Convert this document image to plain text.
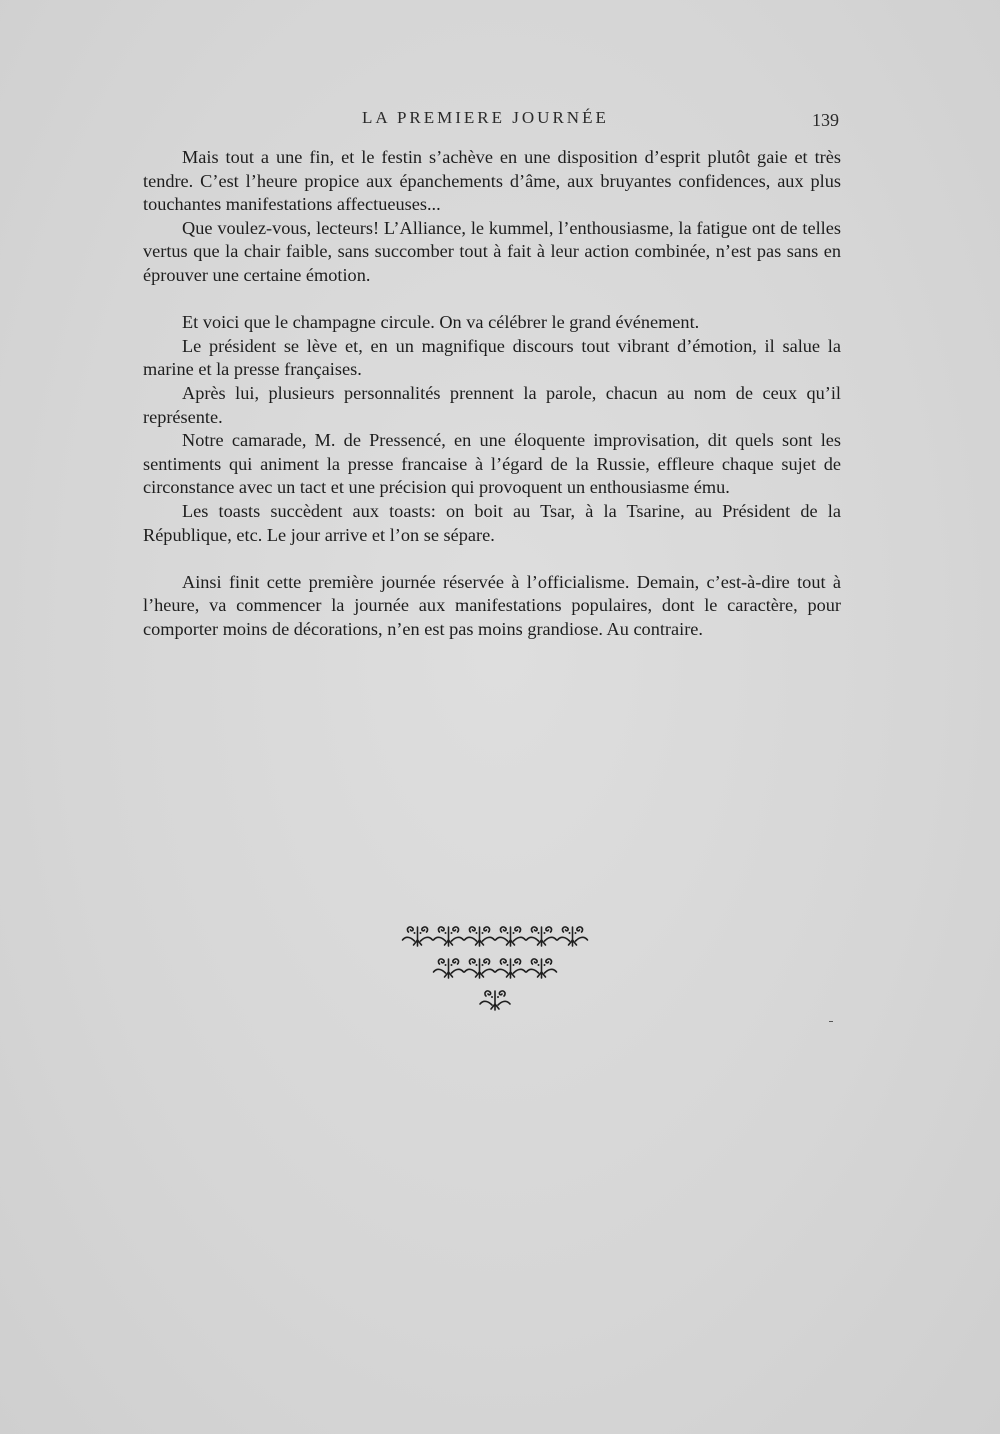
LA PREMIERE JOURNÉE	139

Mais tout a une fin, et le festin s’achève en une disposition d’esprit plutôt gaie et très tendre. C’est l’heure propice aux épanchements d’âme, aux bruyantes confidences, aux plus touchantes manifestations affectueuses...

Que voulez-vous, lecteurs! L’Alliance, le kummel, l’enthousiasme, la fatigue ont de telles vertus que la chair faible, sans succomber tout à fait à leur action combinée, n’est pas sans en éprouver une certaine émotion.

Et voici que le champagne circule. On va célébrer le grand événement.

Le président se lève et, en un magnifique discours tout vibrant d’émotion, il salue la marine et la presse françaises.

Après lui, plusieurs personnalités prennent la parole, chacun au nom de ceux qu’il représente.

Notre camarade, M. de Pressencé, en une éloquente improvisation, dit quels sont les sentiments qui animent la presse francaise à l’égard de la Russie, effleure chaque sujet de circonstance avec un tact et une précision qui provoquent un enthousiasme ému.

Les toasts succèdent aux toasts: on boit au Tsar, à la Tsarine, au Président de la République, etc. Le jour arrive et l’on se sépare.

Ainsi finit cette première journée réservée à l’officialisme. Demain, c’est-à-dire tout à l’heure, va commencer la journée aux manifestations populaires, dont le caractère, pour comporter moins de décorations, n’en est pas moins grandiose. Au contraire.
